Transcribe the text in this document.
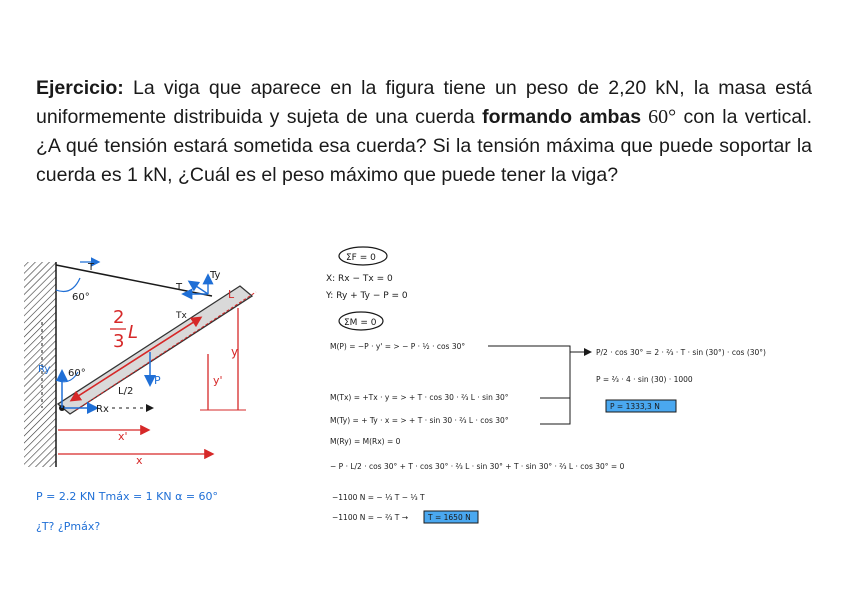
Ejercicio: La viga que aparece en la figura tiene un peso de 2,20 kN, la masa está uniformemente distribuida y sujeta de una cuerda formando ambas 60° con la vertical. ¿A qué tensión estará sometida esa cuerda? Si la tensión máxima que puede soportar la cuerda es 1 kN, ¿Cuál es el peso máximo que puede tener la viga?

T
T
Tx
Ty
60°
60°
L
2
3 L
L/2
P
Ry
Rx
y
y'
x'
x
P = 2.2 KN Tmáx = 1 KN α = 60°
¿T? ¿Pmáx?
ΣF = 0
X: Rx − Tx = 0
Y: Ry + Ty − P = 0
ΣM = 0
M(P) = −P · y' = > − P · ½ · cos 30°
M(Tx) = +Tx · y = > + T · cos 30 · ⅔ L · sin 30°
M(Ty) = + Ty · x = > + T · sin 30 · ⅔ L · cos 30°
M(Ry) = M(Rx) = 0
− P · L/2 · cos 30° + T · cos 30° · ⅔ L · sin 30° + T · sin 30° · ⅔ L · cos 30° = 0
−1100 N = − ⅓ T − ⅓ T
−1100 N = − ⅔ T →	T = 1650 N
P/2 · cos 30° = 2 · ⅔ · T · sin (30°) · cos (30°)
P = ⅔ · 4 · sin (30) · 1000
P = 1333,3 N
